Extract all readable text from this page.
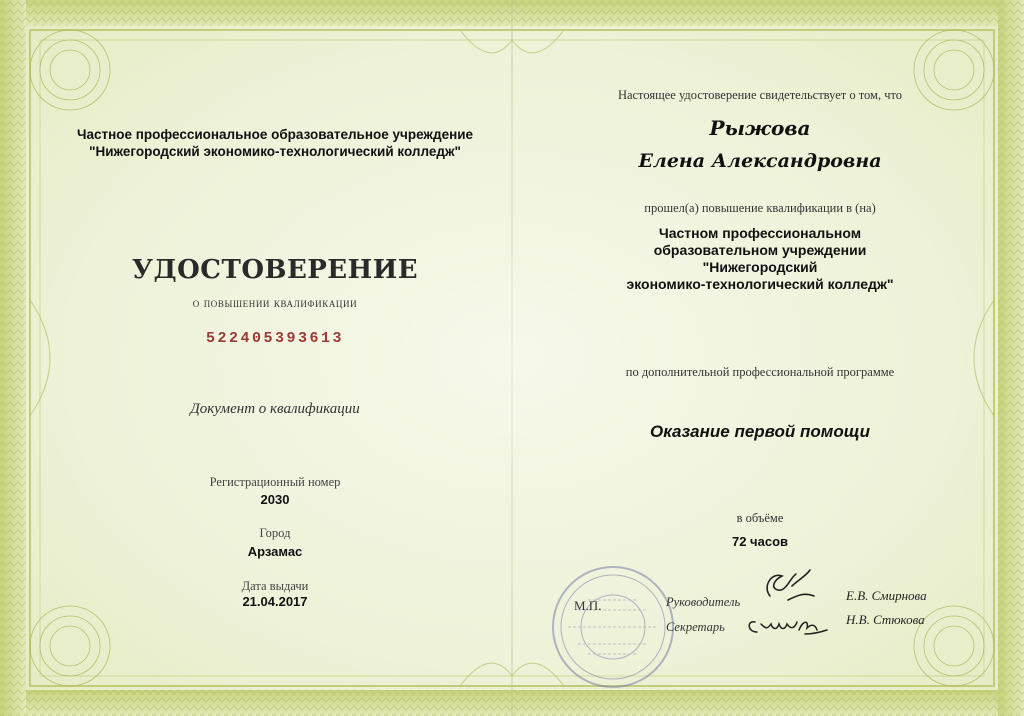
Частное профессиональное образовательное учреждение
"Нижегородский экономико-технологический колледж"
УДОСТОВЕРЕНИЕ
о повышении квалификации
522405393613
Документ о квалификации
Регистрационный номер
2030
Город
Арзамас
Дата выдачи
21.04.2017
Настоящее удостоверение свидетельствует о том, что
Рыжова
Елена Александровна
прошел(а) повышение квалификации в (на)
Частном профессиональном
образовательном учреждении
"Нижегородский
экономико-технологический колледж"
по дополнительной профессиональной программе
Оказание первой помощи
в объёме
72 часов
М.П.	Руководитель
Секретарь
Е.В. Смирнова
Н.В. Стюкова
